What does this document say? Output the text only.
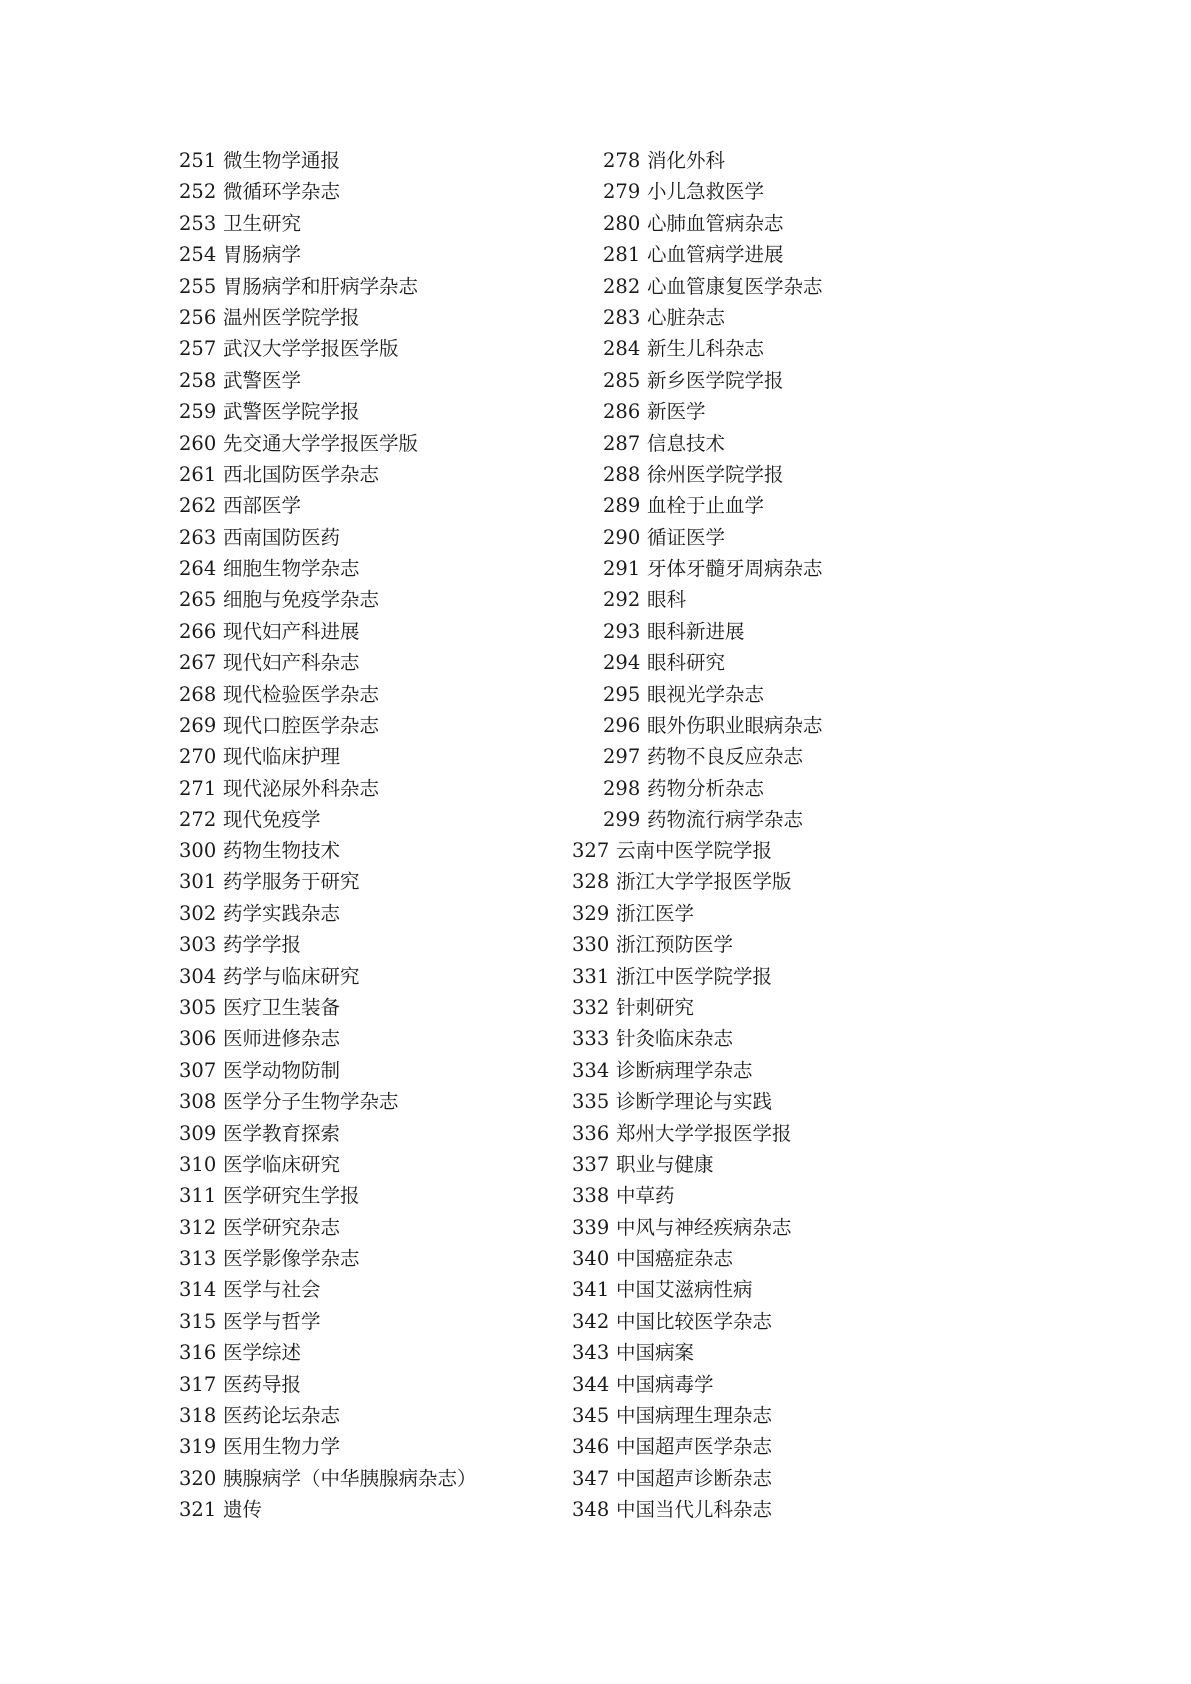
251 微生物学通报
252 微循环学杂志
253 卫生研究
254 胃肠病学
255 胃肠病学和肝病学杂志
256 温州医学院学报
257 武汉大学学报医学版
258 武警医学
259 武警医学院学报
260 先交通大学学报医学版
261 西北国防医学杂志
262 西部医学
263 西南国防医药
264 细胞生物学杂志
265 细胞与免疫学杂志
266 现代妇产科进展
267 现代妇产科杂志
268 现代检验医学杂志
269 现代口腔医学杂志
270 现代临床护理
271 现代泌尿外科杂志
272 现代免疫学
278 消化外科
279 小儿急救医学
280 心肺血管病杂志
281 心血管病学进展
282 心血管康复医学杂志
283 心脏杂志
284 新生儿科杂志
285 新乡医学院学报
286 新医学
287 信息技术
288 徐州医学院学报
289 血栓于止血学
290 循证医学
291 牙体牙髓牙周病杂志
292 眼科
293 眼科新进展
294 眼科研究
295 眼视光学杂志
296 眼外伤职业眼病杂志
297 药物不良反应杂志
298 药物分析杂志
299 药物流行病学杂志
300 药物生物技术
301 药学服务于研究
302 药学实践杂志
303 药学学报
304 药学与临床研究
305 医疗卫生装备
306 医师进修杂志
307 医学动物防制
308 医学分子生物学杂志
309 医学教育探索
310 医学临床研究
311 医学研究生学报
312 医学研究杂志
313 医学影像学杂志
314 医学与社会
315 医学与哲学
316 医学综述
317 医药导报
318 医药论坛杂志
319 医用生物力学
320 胰腺病学（中华胰腺病杂志）
321 遗传
327 云南中医学院学报
328 浙江大学学报医学版
329 浙江医学
330 浙江预防医学
331 浙江中医学院学报
332 针刺研究
333 针灸临床杂志
334 诊断病理学杂志
335 诊断学理论与实践
336 郑州大学学报医学报
337 职业与健康
338 中草药
339 中风与神经疾病杂志
340 中国癌症杂志
341 中国艾滋病性病
342 中国比较医学杂志
343 中国病案
344 中国病毒学
345 中国病理生理杂志
346 中国超声医学杂志
347 中国超声诊断杂志
348 中国当代儿科杂志
